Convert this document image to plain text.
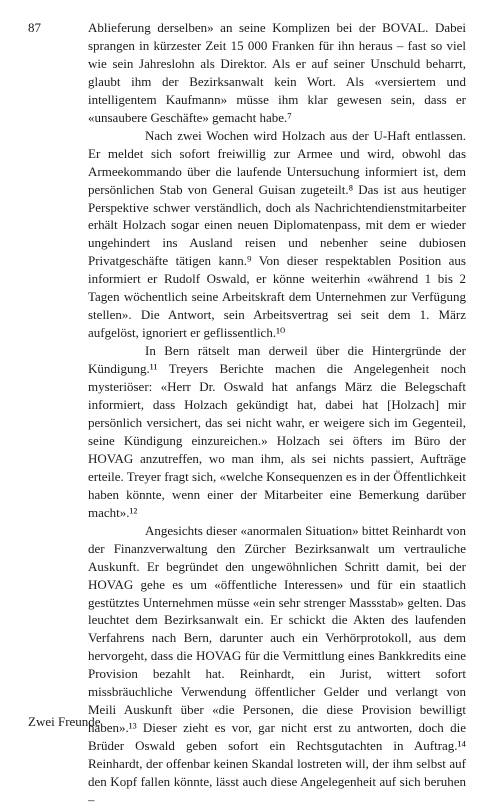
87	Ablieferung derselben» an seine Komplizen bei der BOVAL. Dabei sprangen in kürzester Zeit 15 000 Franken für ihn heraus – fast so viel wie sein Jahreslohn als Direktor. Als er auf seiner Unschuld beharrt, glaubt ihm der Bezirksanwalt kein Wort. Als «versiertem und intelligentem Kaufmann» müsse ihm klar gewesen sein, dass er «unsaubere Geschäfte» gemacht habe.⁷

Nach zwei Wochen wird Holzach aus der U-Haft entlassen. Er meldet sich sofort freiwillig zur Armee und wird, obwohl das Armeekommando über die laufende Untersuchung informiert ist, dem persönlichen Stab von General Guisan zugeteilt.⁸ Das ist aus heutiger Perspektive schwer verständlich, doch als Nachrichtendienstmitarbeiter erhält Holzach sogar einen neuen Diplomatenpass, mit dem er wieder ungehindert ins Ausland reisen und nebenher seine dubiosen Privatgeschäfte tätigen kann.⁹ Von dieser respektablen Position aus informiert er Rudolf Oswald, er könne weiterhin «während 1 bis 2 Tagen wöchentlich seine Arbeitskraft dem Unternehmen zur Verfügung stellen». Die Antwort, sein Arbeitsvertrag sei seit dem 1. März aufgelöst, ignoriert er geflissentlich.¹⁰

In Bern rätselt man derweil über die Hintergründe der Kündigung.¹¹ Treyers Berichte machen die Angelegenheit noch mysteriöser: «Herr Dr. Oswald hat anfangs März die Belegschaft informiert, dass Holzach gekündigt hat, dabei hat [Holzach] mir persönlich versichert, das sei nicht wahr, er weigere sich im Gegenteil, seine Kündigung einzureichen.» Holzach sei öfters im Büro der HOVAG anzutreffen, wo man ihm, als sei nichts passiert, Aufträge erteile. Treyer fragt sich, «welche Konsequenzen es in der Öffentlichkeit haben könnte, wenn einer der Mitarbeiter eine Bemerkung darüber macht».¹²

Angesichts dieser «anormalen Situation» bittet Reinhardt von der Finanzverwaltung den Zürcher Bezirksanwalt um vertrauliche Auskunft. Er begründet den ungewöhnlichen Schritt damit, bei der HOVAG gehe es um «öffentliche Interessen» und für ein staatlich gestütztes Unternehmen müsse «ein sehr strenger Massstab» gelten. Das leuchtet dem Bezirksanwalt ein. Er schickt die Akten des laufenden Verfahrens nach Bern, darunter auch ein Verhörprotokoll, aus dem hervorgeht, dass die HOVAG für die Vermittlung eines Bankkredits eine Provision bezahlt hat. Reinhardt, ein Jurist, wittert sofort missbräuchliche Verwendung öffentlicher Gelder und verlangt von Meili Auskunft über «die Personen, die diese Provision bewilligt haben».¹³ Dieser zieht es vor, gar nicht erst zu antworten, doch die Brüder Oswald geben sofort ein Rechtsgutachten in Auftrag.¹⁴ Reinhardt, der offenbar keinen Skandal lostreten will, der ihm selbst auf den Kopf fallen könnte, lässt auch diese Angelegenheit auf sich beruhen –

Zwei Freunde
